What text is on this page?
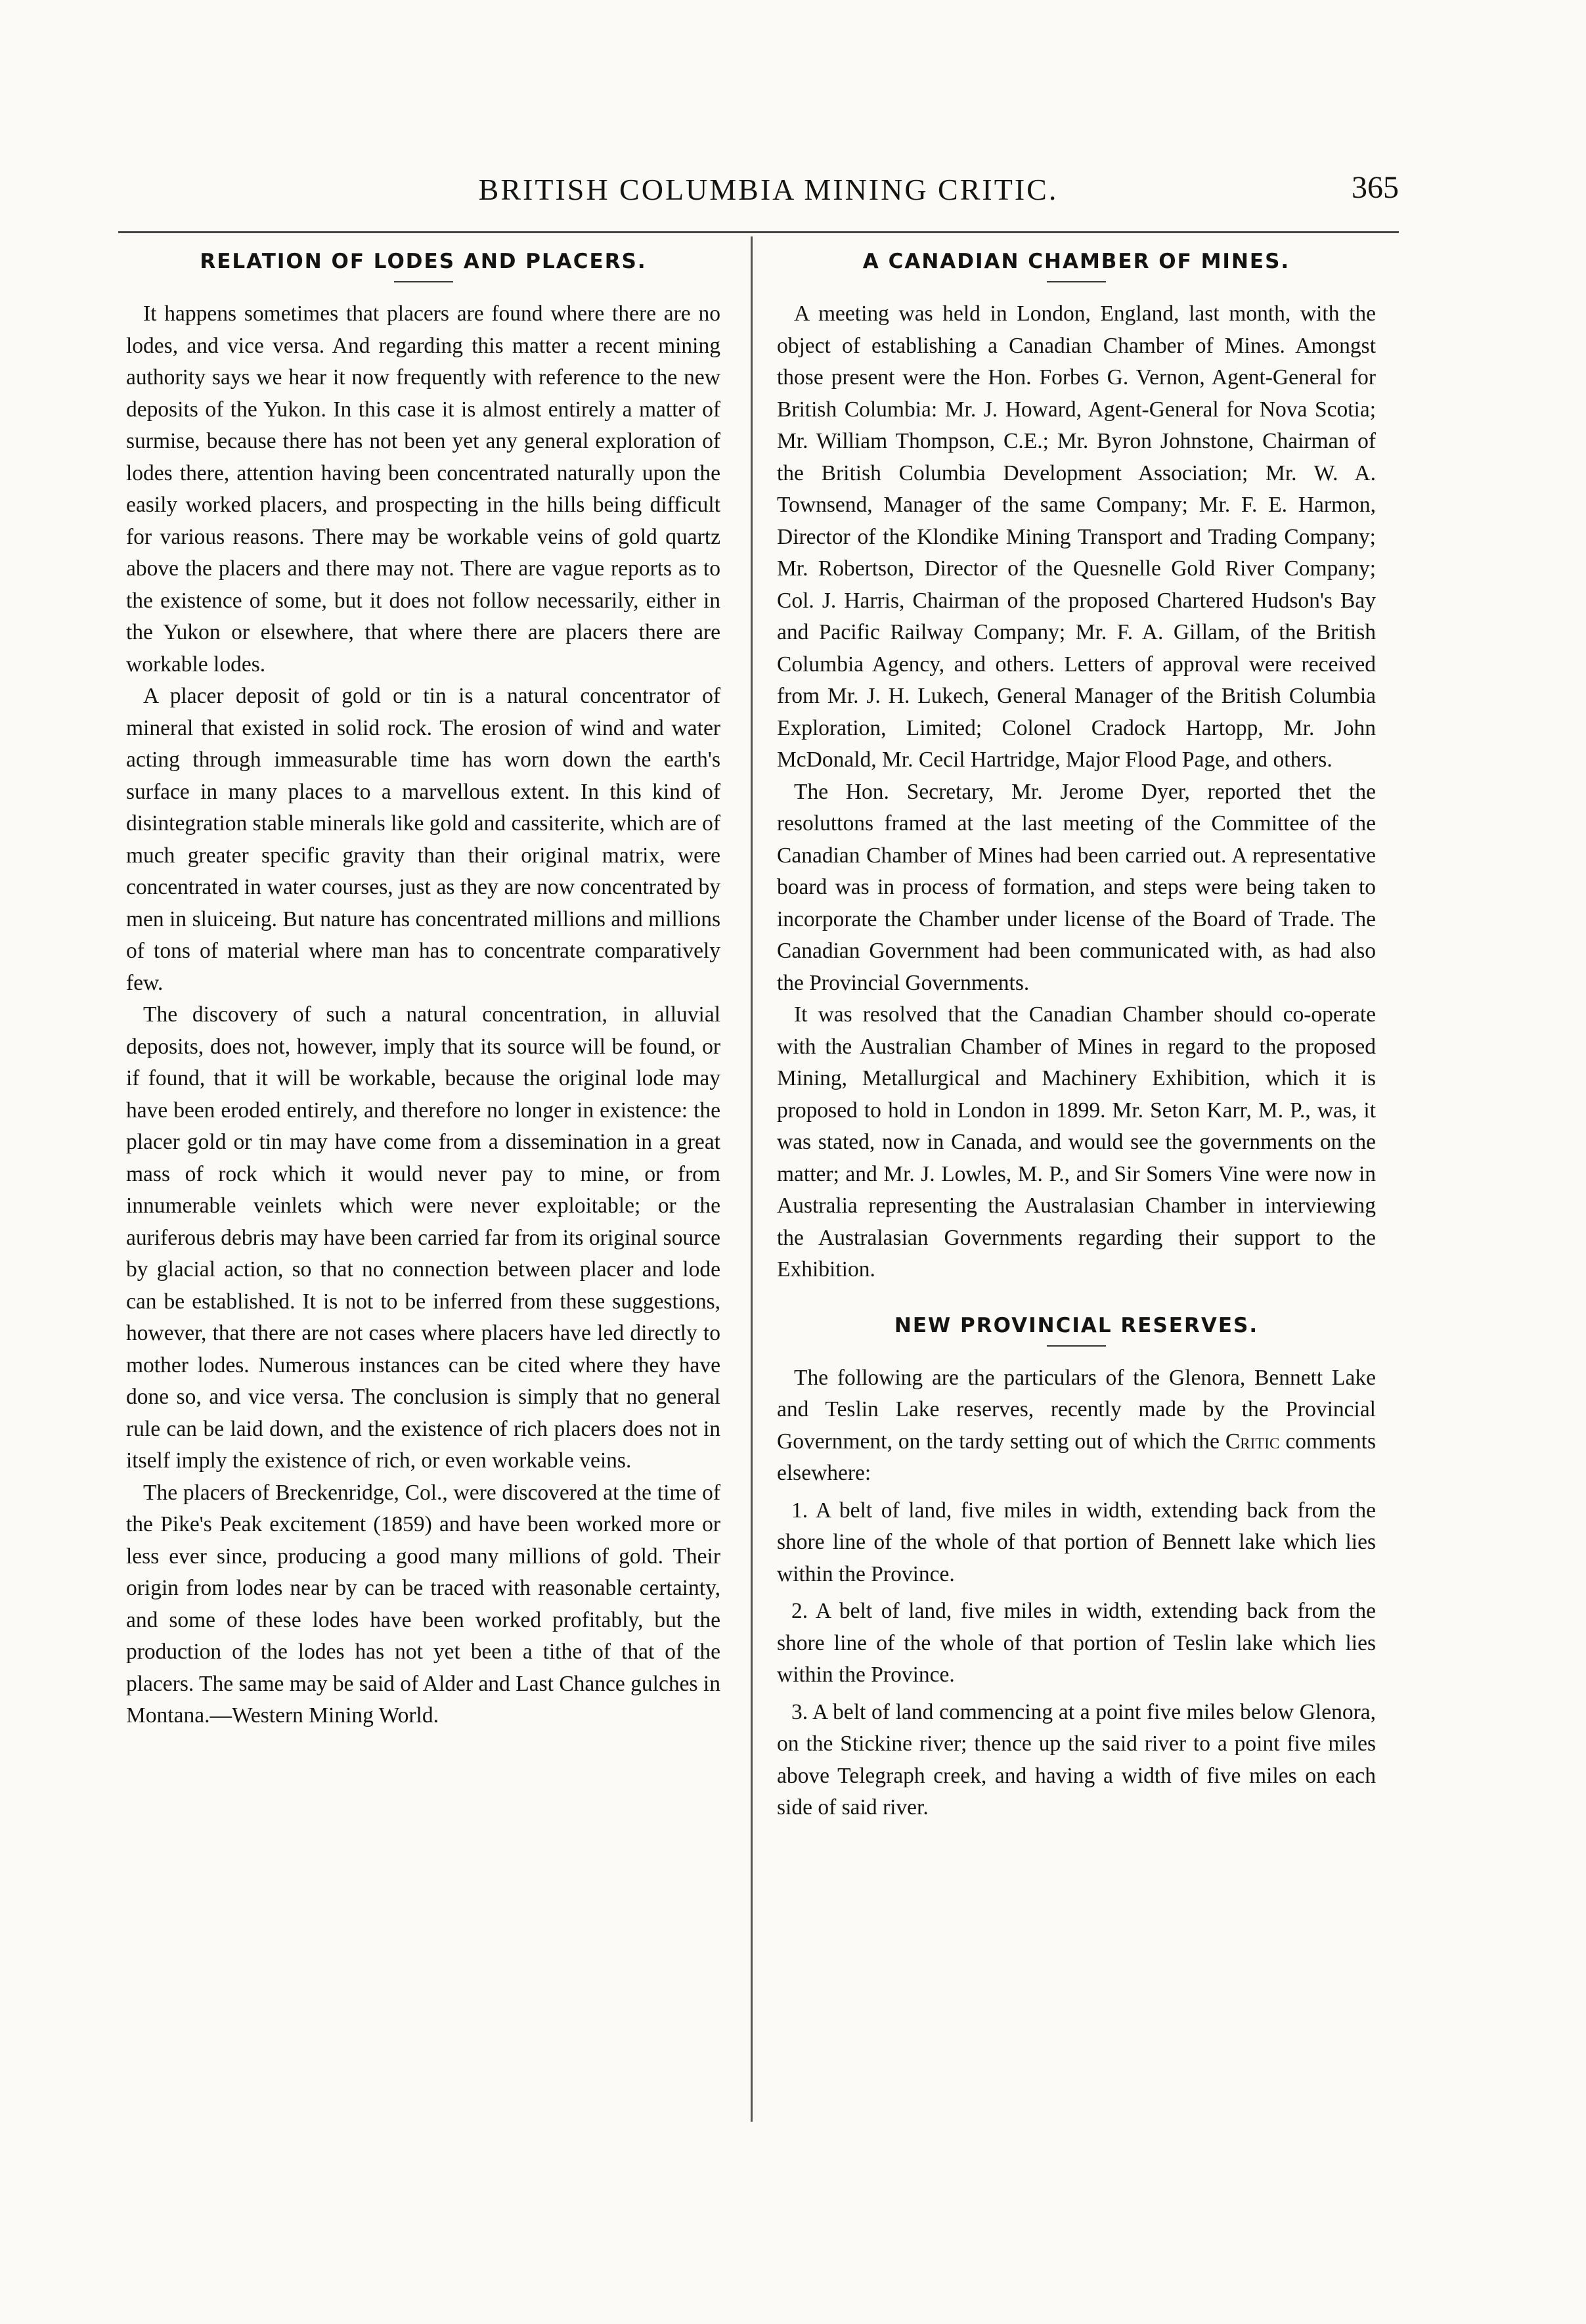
BRITISH COLUMBIA MINING CRITIC.	365
RELATION OF LODES AND PLACERS.

It happens sometimes that placers are found where there are no lodes, and vice versa. And regarding this matter a recent mining authority says we hear it now frequently with reference to the new deposits of the Yukon. In this case it is almost entirely a matter of surmise, because there has not been yet any general exploration of lodes there, attention having been concentrated naturally upon the easily worked placers, and prospecting in the hills being difficult for various reasons. There may be workable veins of gold quartz above the placers and there may not. There are vague reports as to the existence of some, but it does not follow necessarily, either in the Yukon or elsewhere, that where there are placers there are workable lodes.

A placer deposit of gold or tin is a natural concentrator of mineral that existed in solid rock. The erosion of wind and water acting through immeasurable time has worn down the earth's surface in many places to a marvellous extent. In this kind of disintegration stable minerals like gold and cassiterite, which are of much greater specific gravity than their original matrix, were concentrated in water courses, just as they are now concentrated by men in sluiceing. But nature has concentrated millions and millions of tons of material where man has to concentrate comparatively few.

The discovery of such a natural concentration, in alluvial deposits, does not, however, imply that its source will be found, or if found, that it will be workable, because the original lode may have been eroded entirely, and therefore no longer in existence: the placer gold or tin may have come from a dissemination in a great mass of rock which it would never pay to mine, or from innumerable veinlets which were never exploitable; or the auriferous debris may have been carried far from its original source by glacial action, so that no connection between placer and lode can be established. It is not to be inferred from these suggestions, however, that there are not cases where placers have led directly to mother lodes. Numerous instances can be cited where they have done so, and vice versa. The conclusion is simply that no general rule can be laid down, and the existence of rich placers does not in itself imply the existence of rich, or even workable veins.

The placers of Breckenridge, Col., were discovered at the time of the Pike's Peak excitement (1859) and have been worked more or less ever since, producing a good many millions of gold. Their origin from lodes near by can be traced with reasonable certainty, and some of these lodes have been worked profitably, but the production of the lodes has not yet been a tithe of that of the placers. The same may be said of Alder and Last Chance gulches in Montana.—Western Mining World.

A CANADIAN CHAMBER OF MINES.

A meeting was held in London, England, last month, with the object of establishing a Canadian Chamber of Mines. Amongst those present were the Hon. Forbes G. Vernon, Agent-General for British Columbia: Mr. J. Howard, Agent-General for Nova Scotia; Mr. William Thompson, C.E.; Mr. Byron Johnstone, Chairman of the British Columbia Development Association; Mr. W. A. Townsend, Manager of the same Company; Mr. F. E. Harmon, Director of the Klondike Mining Transport and Trading Company; Mr. Robertson, Director of the Quesnelle Gold River Company; Col. J. Harris, Chairman of the proposed Chartered Hudson's Bay and Pacific Railway Company; Mr. F. A. Gillam, of the British Columbia Agency, and others. Letters of approval were received from Mr. J. H. Lukech, General Manager of the British Columbia Exploration, Limited; Colonel Cradock Hartopp, Mr. John McDonald, Mr. Cecil Hartridge, Major Flood Page, and others.

The Hon. Secretary, Mr. Jerome Dyer, reported thet the resoluttons framed at the last meeting of the Committee of the Canadian Chamber of Mines had been carried out. A representative board was in process of formation, and steps were being taken to incorporate the Chamber under license of the Board of Trade. The Canadian Government had been communicated with, as had also the Provincial Governments.

It was resolved that the Canadian Chamber should co-operate with the Australian Chamber of Mines in regard to the proposed Mining, Metallurgical and Machinery Exhibition, which it is proposed to hold in London in 1899. Mr. Seton Karr, M. P., was, it was stated, now in Canada, and would see the governments on the matter; and Mr. J. Lowles, M. P., and Sir Somers Vine were now in Australia representing the Australasian Chamber in interviewing the Australasian Governments regarding their support to the Exhibition.

NEW PROVINCIAL RESERVES.

The following are the particulars of the Glenora, Bennett Lake and Teslin Lake reserves, recently made by the Provincial Government, on the tardy setting out of which the Critic comments elsewhere:

1. A belt of land, five miles in width, extending back from the shore line of the whole of that portion of Bennett lake which lies within the Province.

2. A belt of land, five miles in width, extending back from the shore line of the whole of that portion of Teslin lake which lies within the Province.

3. A belt of land commencing at a point five miles below Glenora, on the Stickine river; thence up the said river to a point five miles above Telegraph creek, and having a width of five miles on each side of said river.
